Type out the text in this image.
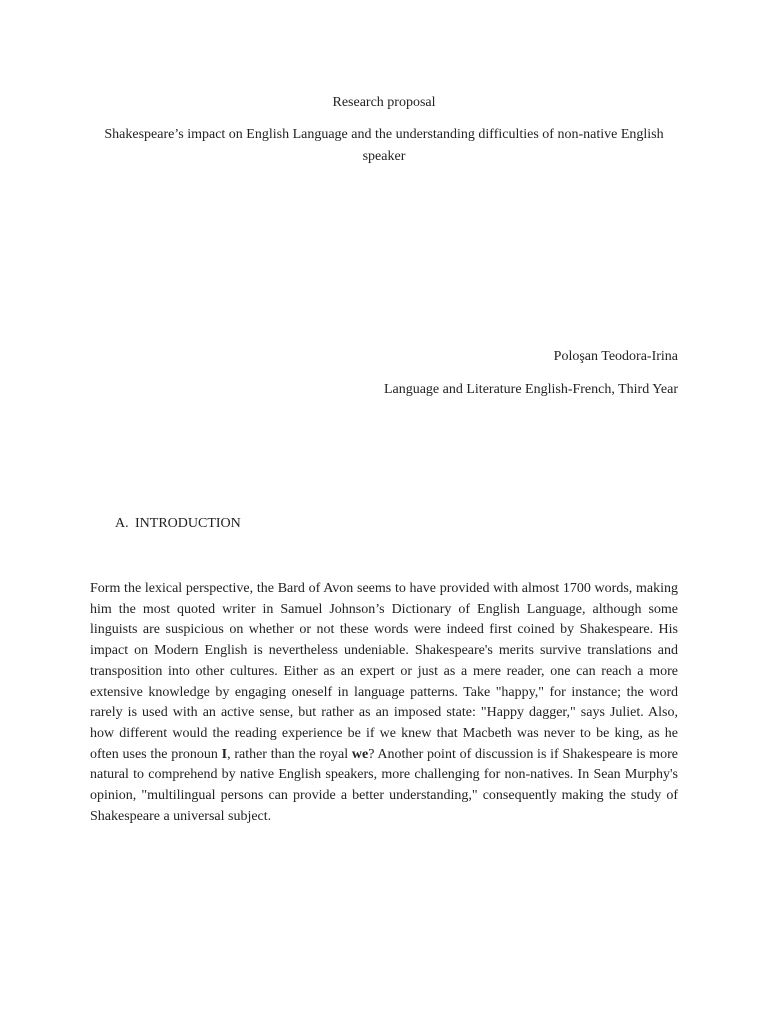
Research proposal
Shakespeare’s impact on English Language and the understanding difficulties of non-native English speaker
Poloşan Teodora-Irina
Language and Literature English-French, Third Year
A. INTRODUCTION

Form the lexical perspective, the Bard of Avon seems to have provided with almost 1700 words, making him the most quoted writer in Samuel Johnson’s Dictionary of English Language, although some linguists are suspicious on whether or not these words were indeed first coined by Shakespeare. His impact on Modern English is nevertheless undeniable. Shakespeare's merits survive translations and transposition into other cultures. Either as an expert or just as a mere reader, one can reach a more extensive knowledge by engaging oneself in language patterns. Take "happy," for instance; the word rarely is used with an active sense, but rather as an imposed state: "Happy dagger," says Juliet. Also, how different would the reading experience be if we knew that Macbeth was never to be king, as he often uses the pronoun I, rather than the royal we? Another point of discussion is if Shakespeare is more natural to comprehend by native English speakers, more challenging for non-natives. In Sean Murphy's opinion, "multilingual persons can provide a better understanding," consequently making the study of Shakespeare a universal subject.
